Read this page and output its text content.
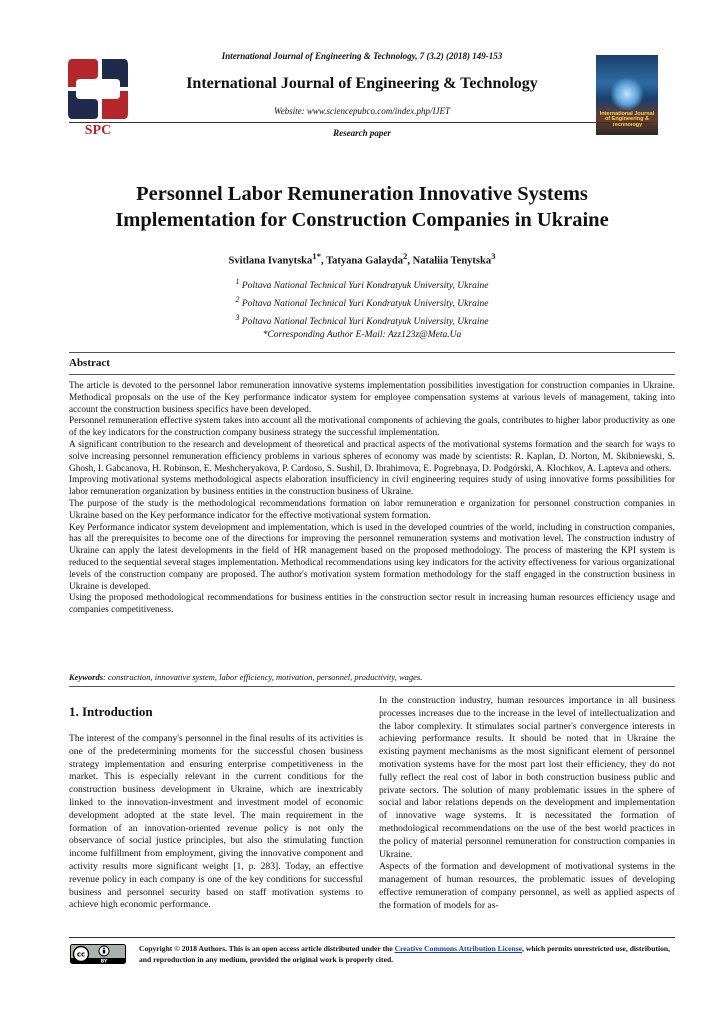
International Journal of Engineering & Technology, 7 (3.2) (2018) 149-153
SPC
International Journal of Engineering & Technology
Website: www.sciencepubco.com/index.php/IJET	International Journal of Engineering & Technology
Research paper
Personnel Labor Remuneration Innovative Systems
Implementation for Construction Companies in Ukraine
Svitlana Ivanytska$^{1*}$, Tatyana Galayda$^2$, Nataliia Tenytska$^3$
$^1$ Poltava National Technical Yuri Kondratyuk University, Ukraine
$^2$ Poltava National Technical Yuri Kondratyuk University, Ukraine
$^3$ Poltava National Technical Yuri Kondratyuk University, Ukraine
*Corresponding Author E-Mail: Azz123z@Meta.Ua
Abstract

The article is devoted to the personnel labor remuneration innovative systems implementation possibilities investigation for construction companies in Ukraine. Methodical proposals on the use of the Key performance indicator system for employee compensation systems at various levels of management, taking into account the construction business specifics have been developed.

Personnel remuneration effective system takes into account all the motivational components of achieving the goals, contributes to higher labor productivity as one of the key indicators for the construction company business strategy the successful implementation.

A significant contribution to the research and development of theoretical and practical aspects of the motivational systems formation and the search for ways to solve increasing personnel remuneration efficiency problems in various spheres of economy was made by scientists: R. Kaplan, D. Norton, M. Skibniewski, S. Ghosh, I. Gabcanova, H. Robinson, E. Meshcheryakova, P. Cardoso, S. Sushil, D. Ibrahimova, E. Pogrebnaya, D. Podgórski, A. Klochkov, A. Lapteva and others.

Improving motivational systems methodological aspects elaboration insufficiency in civil engineering requires study of using innovative forms possibilities for labor remuneration organization by business entities in the construction business of Ukraine.

The purpose of the study is the methodological recommendations formation on labor remuneration e organization for personnel construction companies in Ukraine based on the Key performance indicator for the effective motivational system formation.

Key Performance indicator system development and implementation, which is used in the developed countries of the world, including in construction companies, has all the prerequisites to become one of the directions for improving the personnel remuneration systems and motivation level. The construction industry of Ukraine can apply the latest developments in the field of HR management based on the proposed methodology. The process of mastering the KPI system is reduced to the sequential several stages implementation. Methodical recommendations using key indicators for the activity effectiveness for various organizational levels of the construction company are proposed. The author's motivation system formation methodology for the staff engaged in the construction business in Ukraine is developed.

Using the proposed methodological recommendations for business entities in the construction sector result in increasing human resources efficiency usage and companies competitiveness.

Keywords: construction, innovative system, labor efficiency, motivation, personnel, productivity, wages.
1. Introduction

The interest of the company's personnel in the final results of its activities is one of the predetermining moments for the successful chosen business strategy implementation and ensuring enterprise competitiveness in the market. This is especially relevant in the current conditions for the construction business development in Ukraine, which are inextricably linked to the innovation-investment and investment model of economic development adopted at the state level. The main requirement in the formation of an innovation-oriented revenue policy is not only the observance of social justice principles, but also the stimulating function income fulfillment from employment, giving the innovative component and activity results more significant weight [1, p. 283]. Today, an effective revenue policy in each company is one of the key conditions for successful business and personnel security based on staff motivation systems to achieve high economic performance.

In the construction industry, human resources importance in all business processes increases due to the increase in the level of intellectualization and the labor complexity. It stimulates social partner's convergence interests in achieving performance results. It should be noted that in Ukraine the existing payment mechanisms as the most significant element of personnel motivation systems have for the most part lost their efficiency, they do not fully reflect the real cost of labor in both construction business public and private sectors. The solution of many problematic issues in the sphere of social and labor relations depends on the development and implementation of innovative wage systems. It is necessitated the formation of methodological recommendations on the use of the best world practices in the policy of material personnel remuneration for construction companies in Ukraine.

Aspects of the formation and development of motivational systems in the management of human resources, the problematic issues of developing effective remuneration of company personnel, as well as applied aspects of the formation of models for as-

cc
BY
Copyright © 2018 Authors. This is an open access article distributed under the Creative Commons Attribution License, which permits unrestricted use, distribution, and reproduction in any medium, provided the original work is properly cited.
